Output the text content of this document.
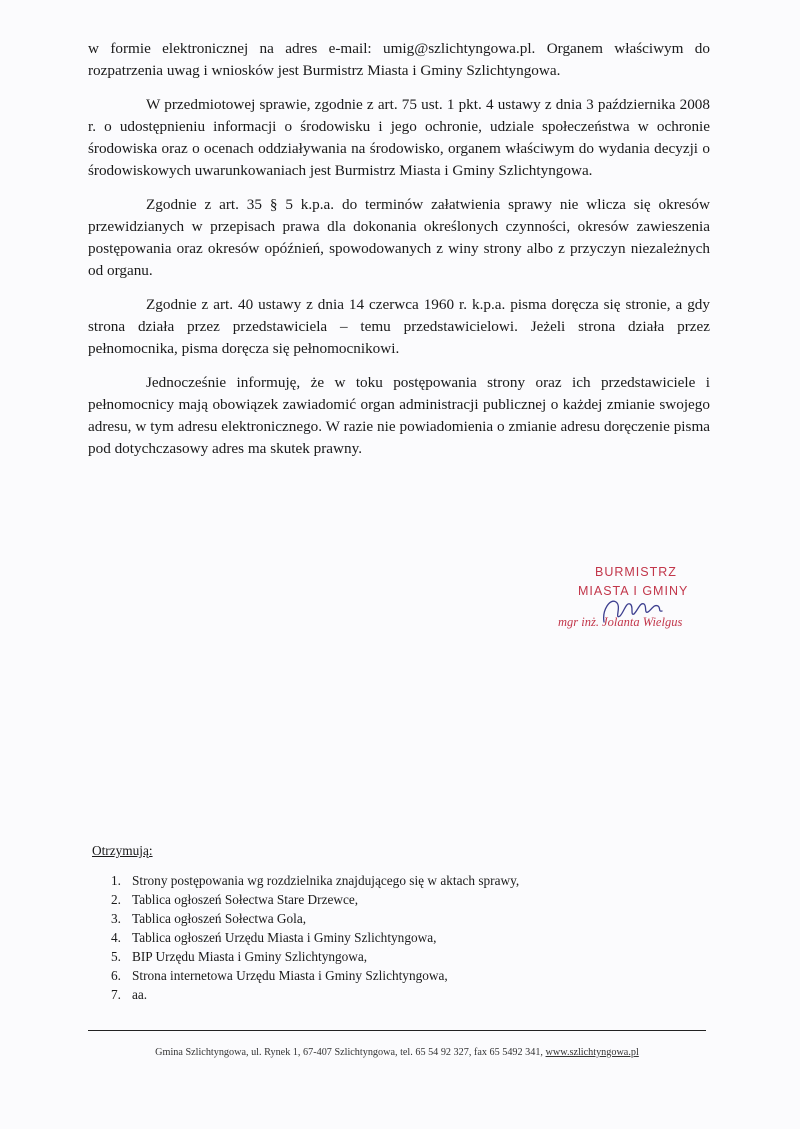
w formie elektronicznej na adres e-mail: umig@szlichtyngowa.pl. Organem właściwym do rozpatrzenia uwag i wniosków jest Burmistrz Miasta i Gminy Szlichtyngowa.

W przedmiotowej sprawie, zgodnie z art. 75 ust. 1 pkt. 4 ustawy z dnia 3 października 2008 r. o udostępnieniu informacji o środowisku i jego ochronie, udziale społeczeństwa w ochronie środowiska oraz o ocenach oddziaływania na środowisko, organem właściwym do wydania decyzji o środowiskowych uwarunkowaniach jest Burmistrz Miasta i Gminy Szlichtyngowa.

Zgodnie z art. 35 § 5 k.p.a. do terminów załatwienia sprawy nie wlicza się okresów przewidzianych w przepisach prawa dla dokonania określonych czynności, okresów zawieszenia postępowania oraz okresów opóźnień, spowodowanych z winy strony albo z przyczyn niezależnych od organu.

Zgodnie z art. 40 ustawy z dnia 14 czerwca 1960 r. k.p.a. pisma doręcza się stronie, a gdy strona działa przez przedstawiciela – temu przedstawicielowi. Jeżeli strona działa przez pełnomocnika, pisma doręcza się pełnomocnikowi.

Jednocześnie informuję, że w toku postępowania strony oraz ich przedstawiciele i pełnomocnicy mają obowiązek zawiadomić organ administracji publicznej o każdej zmianie swojego adresu, w tym adresu elektronicznego. W razie nie powiadomienia o zmianie adresu doręczenie pisma pod dotychczasowy adres ma skutek prawny.

BURMISTRZ
MIASTA I GMINY
mgr inż. Jolanta Wielgus

Otrzymują:

1. Strony postępowania wg rozdzielnika znajdującego się w aktach sprawy,
2. Tablica ogłoszeń Sołectwa Stare Drzewce,
3. Tablica ogłoszeń Sołectwa Gola,
4. Tablica ogłoszeń Urzędu Miasta i Gminy Szlichtyngowa,
5. BIP Urzędu Miasta i Gminy Szlichtyngowa,
6. Strona internetowa Urzędu Miasta i Gminy Szlichtyngowa,
7. aa.
Gmina Szlichtyngowa, ul. Rynek 1, 67-407 Szlichtyngowa, tel. 65 54 92 327, fax 65 5492 341, www.szlichtyngowa.pl
